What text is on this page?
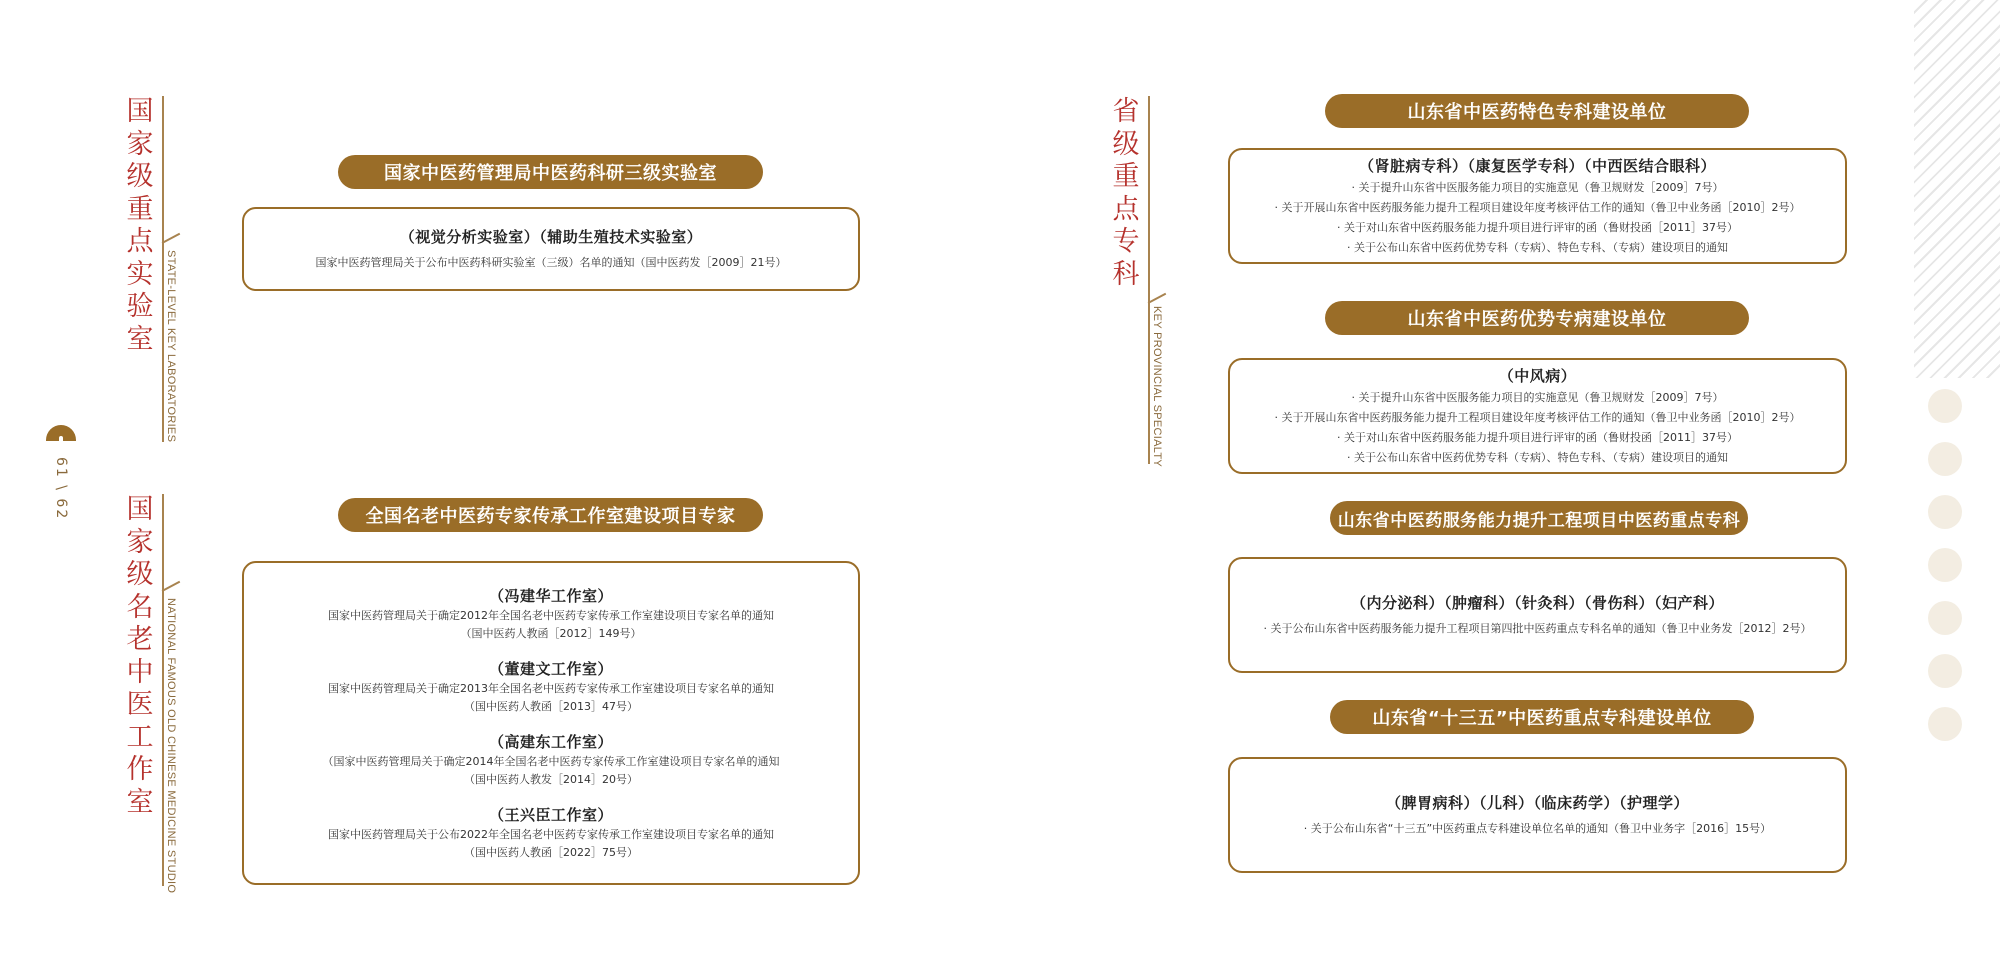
61 \ 62
国家级重点实验室 STATE-LEVEL KEY LABORATORIES
国家中医药管理局中医药科研三级实验室
（视觉分析实验室）（辅助生殖技术实验室）
国家中医药管理局关于公布中医药科研实验室（三级）名单的通知（国中医药发［2009］21号）
国家级名老中医工作室 NATIONAL FAMOUS OLD CHINESE MEDICINE STUDIO
全国名老中医药专家传承工作室建设项目专家
（冯建华工作室）
国家中医药管理局关于确定2012年全国名老中医药专家传承工作室建设项目专家名单的通知
（国中医药人教函［2012］149号）
（董建文工作室）
国家中医药管理局关于确定2013年全国名老中医药专家传承工作室建设项目专家名单的通知
（国中医药人教函［2013］47号）
（高建东工作室）
（国家中医药管理局关于确定2014年全国名老中医药专家传承工作室建设项目专家名单的通知
（国中医药人教发［2014］20号）
（王兴臣工作室）
国家中医药管理局关于公布2022年全国名老中医药专家传承工作室建设项目专家名单的通知
（国中医药人教函［2022］75号）
省级重点专科
KEY PROVINCIAL SPECIALTY
山东省中医药特色专科建设单位
（肾脏病专科）（康复医学专科）（中西医结合眼科）
· 关于提升山东省中医服务能力项目的实施意见（鲁卫规财发［2009］7号）
· 关于开展山东省中医药服务能力提升工程项目建设年度考核评估工作的通知（鲁卫中业务函［2010］2号）
· 关于对山东省中医药服务能力提升项目进行评审的函（鲁财投函［2011］37号）
· 关于公布山东省中医药优势专科（专病）、特色专科、（专病）建设项目的通知
山东省中医药优势专病建设单位
（中风病）
· 关于提升山东省中医服务能力项目的实施意见（鲁卫规财发［2009］7号）
· 关于开展山东省中医药服务能力提升工程项目建设年度考核评估工作的通知（鲁卫中业务函［2010］2号）
· 关于对山东省中医药服务能力提升项目进行评审的函（鲁财投函［2011］37号）
· 关于公布山东省中医药优势专科（专病）、特色专科、（专病）建设项目的通知
山东省中医药服务能力提升工程项目中医药重点专科
（内分泌科）（肿瘤科）（针灸科）（骨伤科）（妇产科）
· 关于公布山东省中医药服务能力提升工程项目第四批中医药重点专科名单的通知（鲁卫中业务发［2012］2号）
山东省“十三五”中医药重点专科建设单位
（脾胃病科）（儿科）（临床药学）（护理学）
· 关于公布山东省“十三五”中医药重点专科建设单位名单的通知（鲁卫中业务字［2016］15号）
